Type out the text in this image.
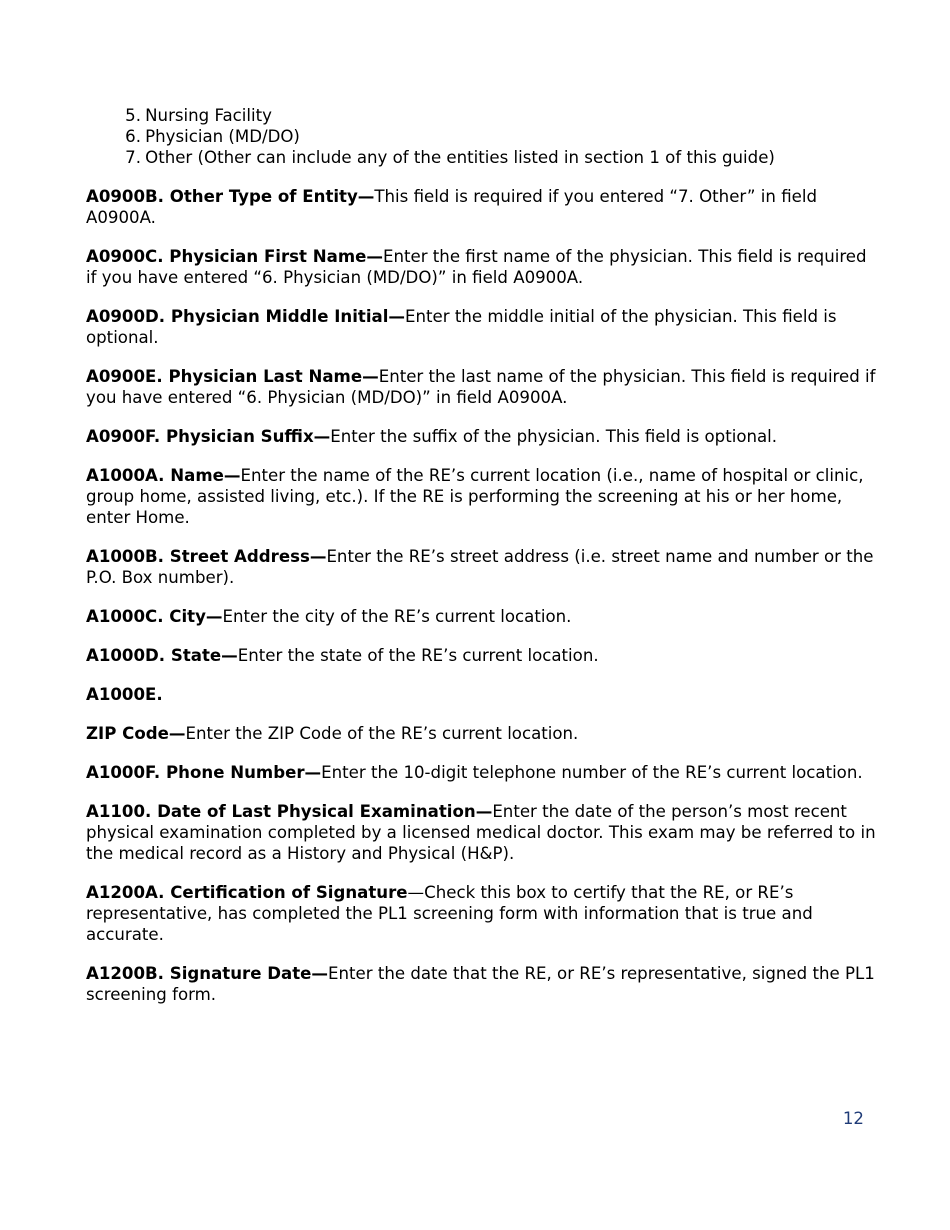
5. Nursing Facility
6. Physician (MD/DO)
7. Other (Other can include any of the entities listed in section 1 of this guide)

A0900B. Other Type of Entity—This field is required if you entered “7. Other” in field A0900A.

A0900C. Physician First Name—Enter the first name of the physician. This field is required if you have entered “6. Physician (MD/DO)” in field A0900A.

A0900D. Physician Middle Initial—Enter the middle initial of the physician. This field is optional.

A0900E. Physician Last Name—Enter the last name of the physician. This field is required if you have entered “6. Physician (MD/DO)” in field A0900A.

A0900F. Physician Suffix—Enter the suffix of the physician. This field is optional.

A1000A. Name—Enter the name of the RE’s current location (i.e., name of hospital or clinic, group home, assisted living, etc.). If the RE is performing the screening at his or her home, enter Home.

A1000B. Street Address—Enter the RE’s street address (i.e. street name and number or the P.O. Box number).

A1000C. City—Enter the city of the RE’s current location.

A1000D. State—Enter the state of the RE’s current location.

A1000E.

ZIP Code—Enter the ZIP Code of the RE’s current location.

A1000F. Phone Number—Enter the 10-digit telephone number of the RE’s current location.

A1100. Date of Last Physical Examination—Enter the date of the person’s most recent physical examination completed by a licensed medical doctor. This exam may be referred to in the medical record as a History and Physical (H&P).

A1200A. Certification of Signature—Check this box to certify that the RE, or RE’s representative, has completed the PL1 screening form with information that is true and accurate.

A1200B. Signature Date—Enter the date that the RE, or RE’s representative, signed the PL1 screening form.

12
